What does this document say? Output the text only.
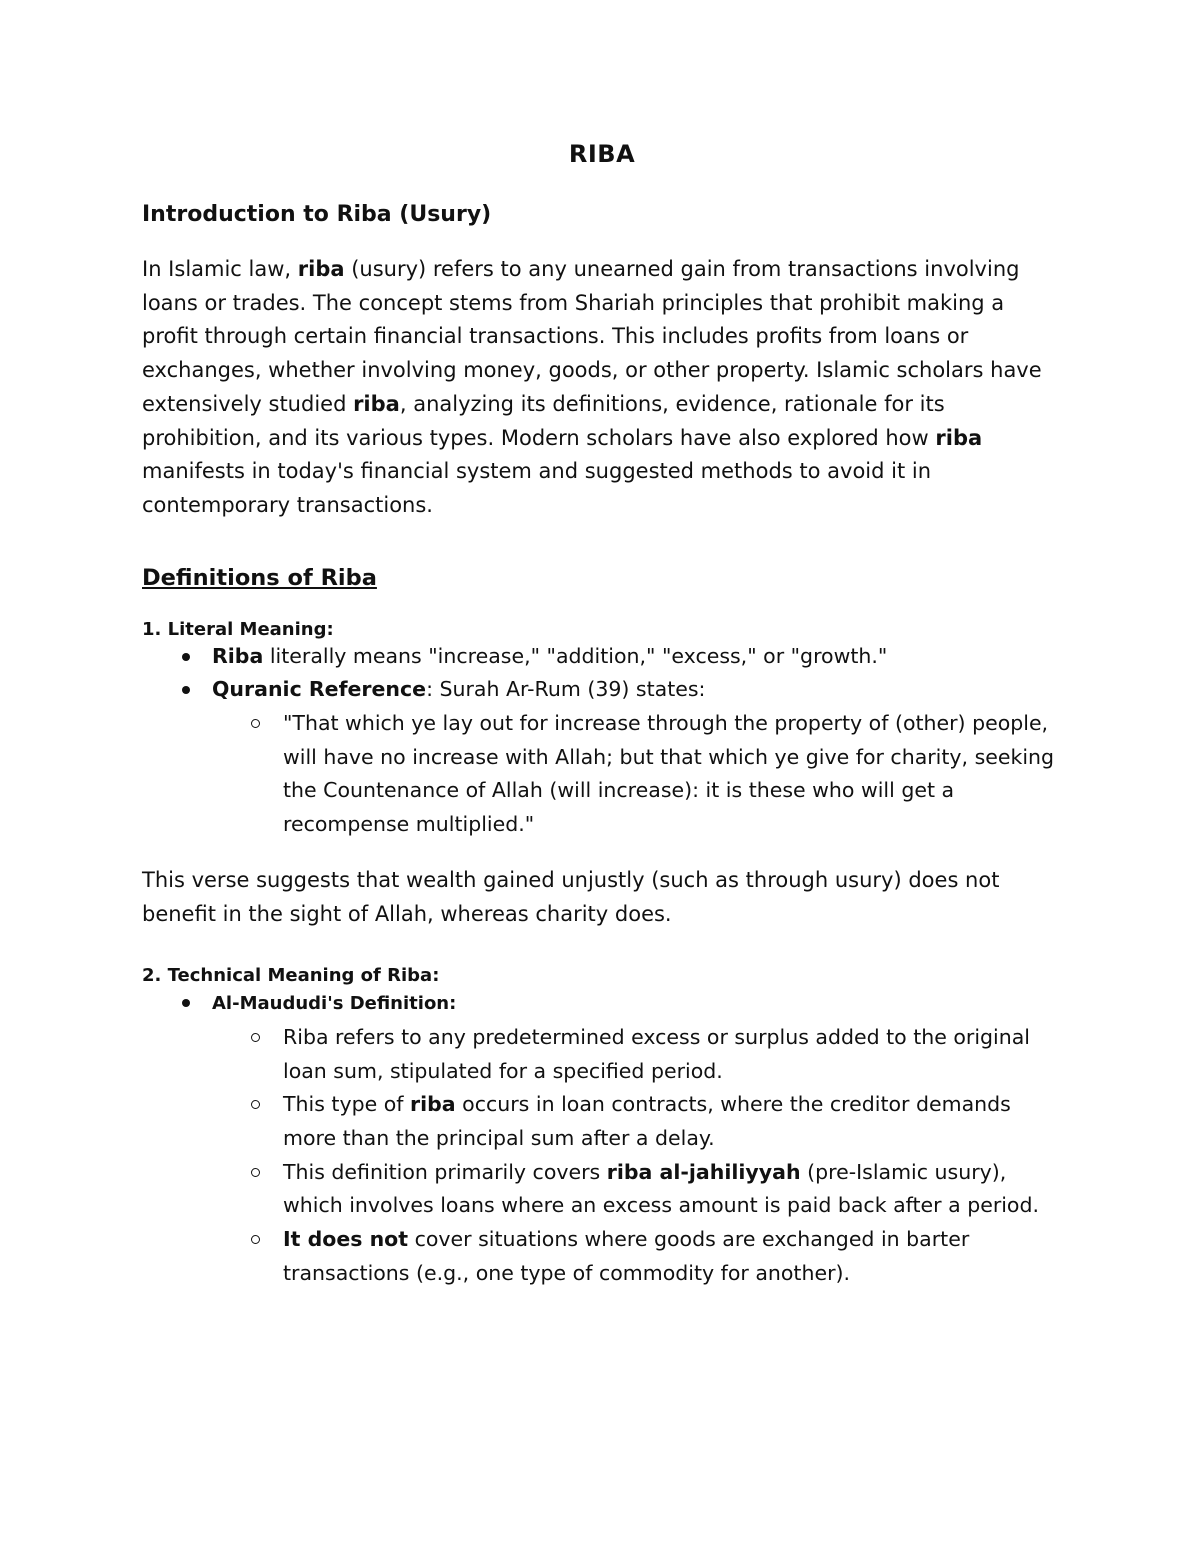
RIBA
Introduction to Riba (Usury)

In Islamic law, riba (usury) refers to any unearned gain from transactions involving loans or trades. The concept stems from Shariah principles that prohibit making a profit through certain financial transactions. This includes profits from loans or exchanges, whether involving money, goods, or other property. Islamic scholars have extensively studied riba, analyzing its definitions, evidence, rationale for its prohibition, and its various types. Modern scholars have also explored how riba manifests in today's financial system and suggested methods to avoid it in contemporary transactions.

Definitions of Riba
1. Literal Meaning:
Riba literally means "increase," "addition," "excess," or "growth."
Quranic Reference: Surah Ar-Rum (39) states:
"That which ye lay out for increase through the property of (other) people, will have no increase with Allah; but that which ye give for charity, seeking the Countenance of Allah (will increase): it is these who will get a recompense multiplied."

This verse suggests that wealth gained unjustly (such as through usury) does not benefit in the sight of Allah, whereas charity does.

2. Technical Meaning of Riba:
Al-Maududi's Definition:
Riba refers to any predetermined excess or surplus added to the original loan sum, stipulated for a specified period.
This type of riba occurs in loan contracts, where the creditor demands more than the principal sum after a delay.
This definition primarily covers riba al-jahiliyyah (pre-Islamic usury), which involves loans where an excess amount is paid back after a period.
It does not cover situations where goods are exchanged in barter transactions (e.g., one type of commodity for another).
